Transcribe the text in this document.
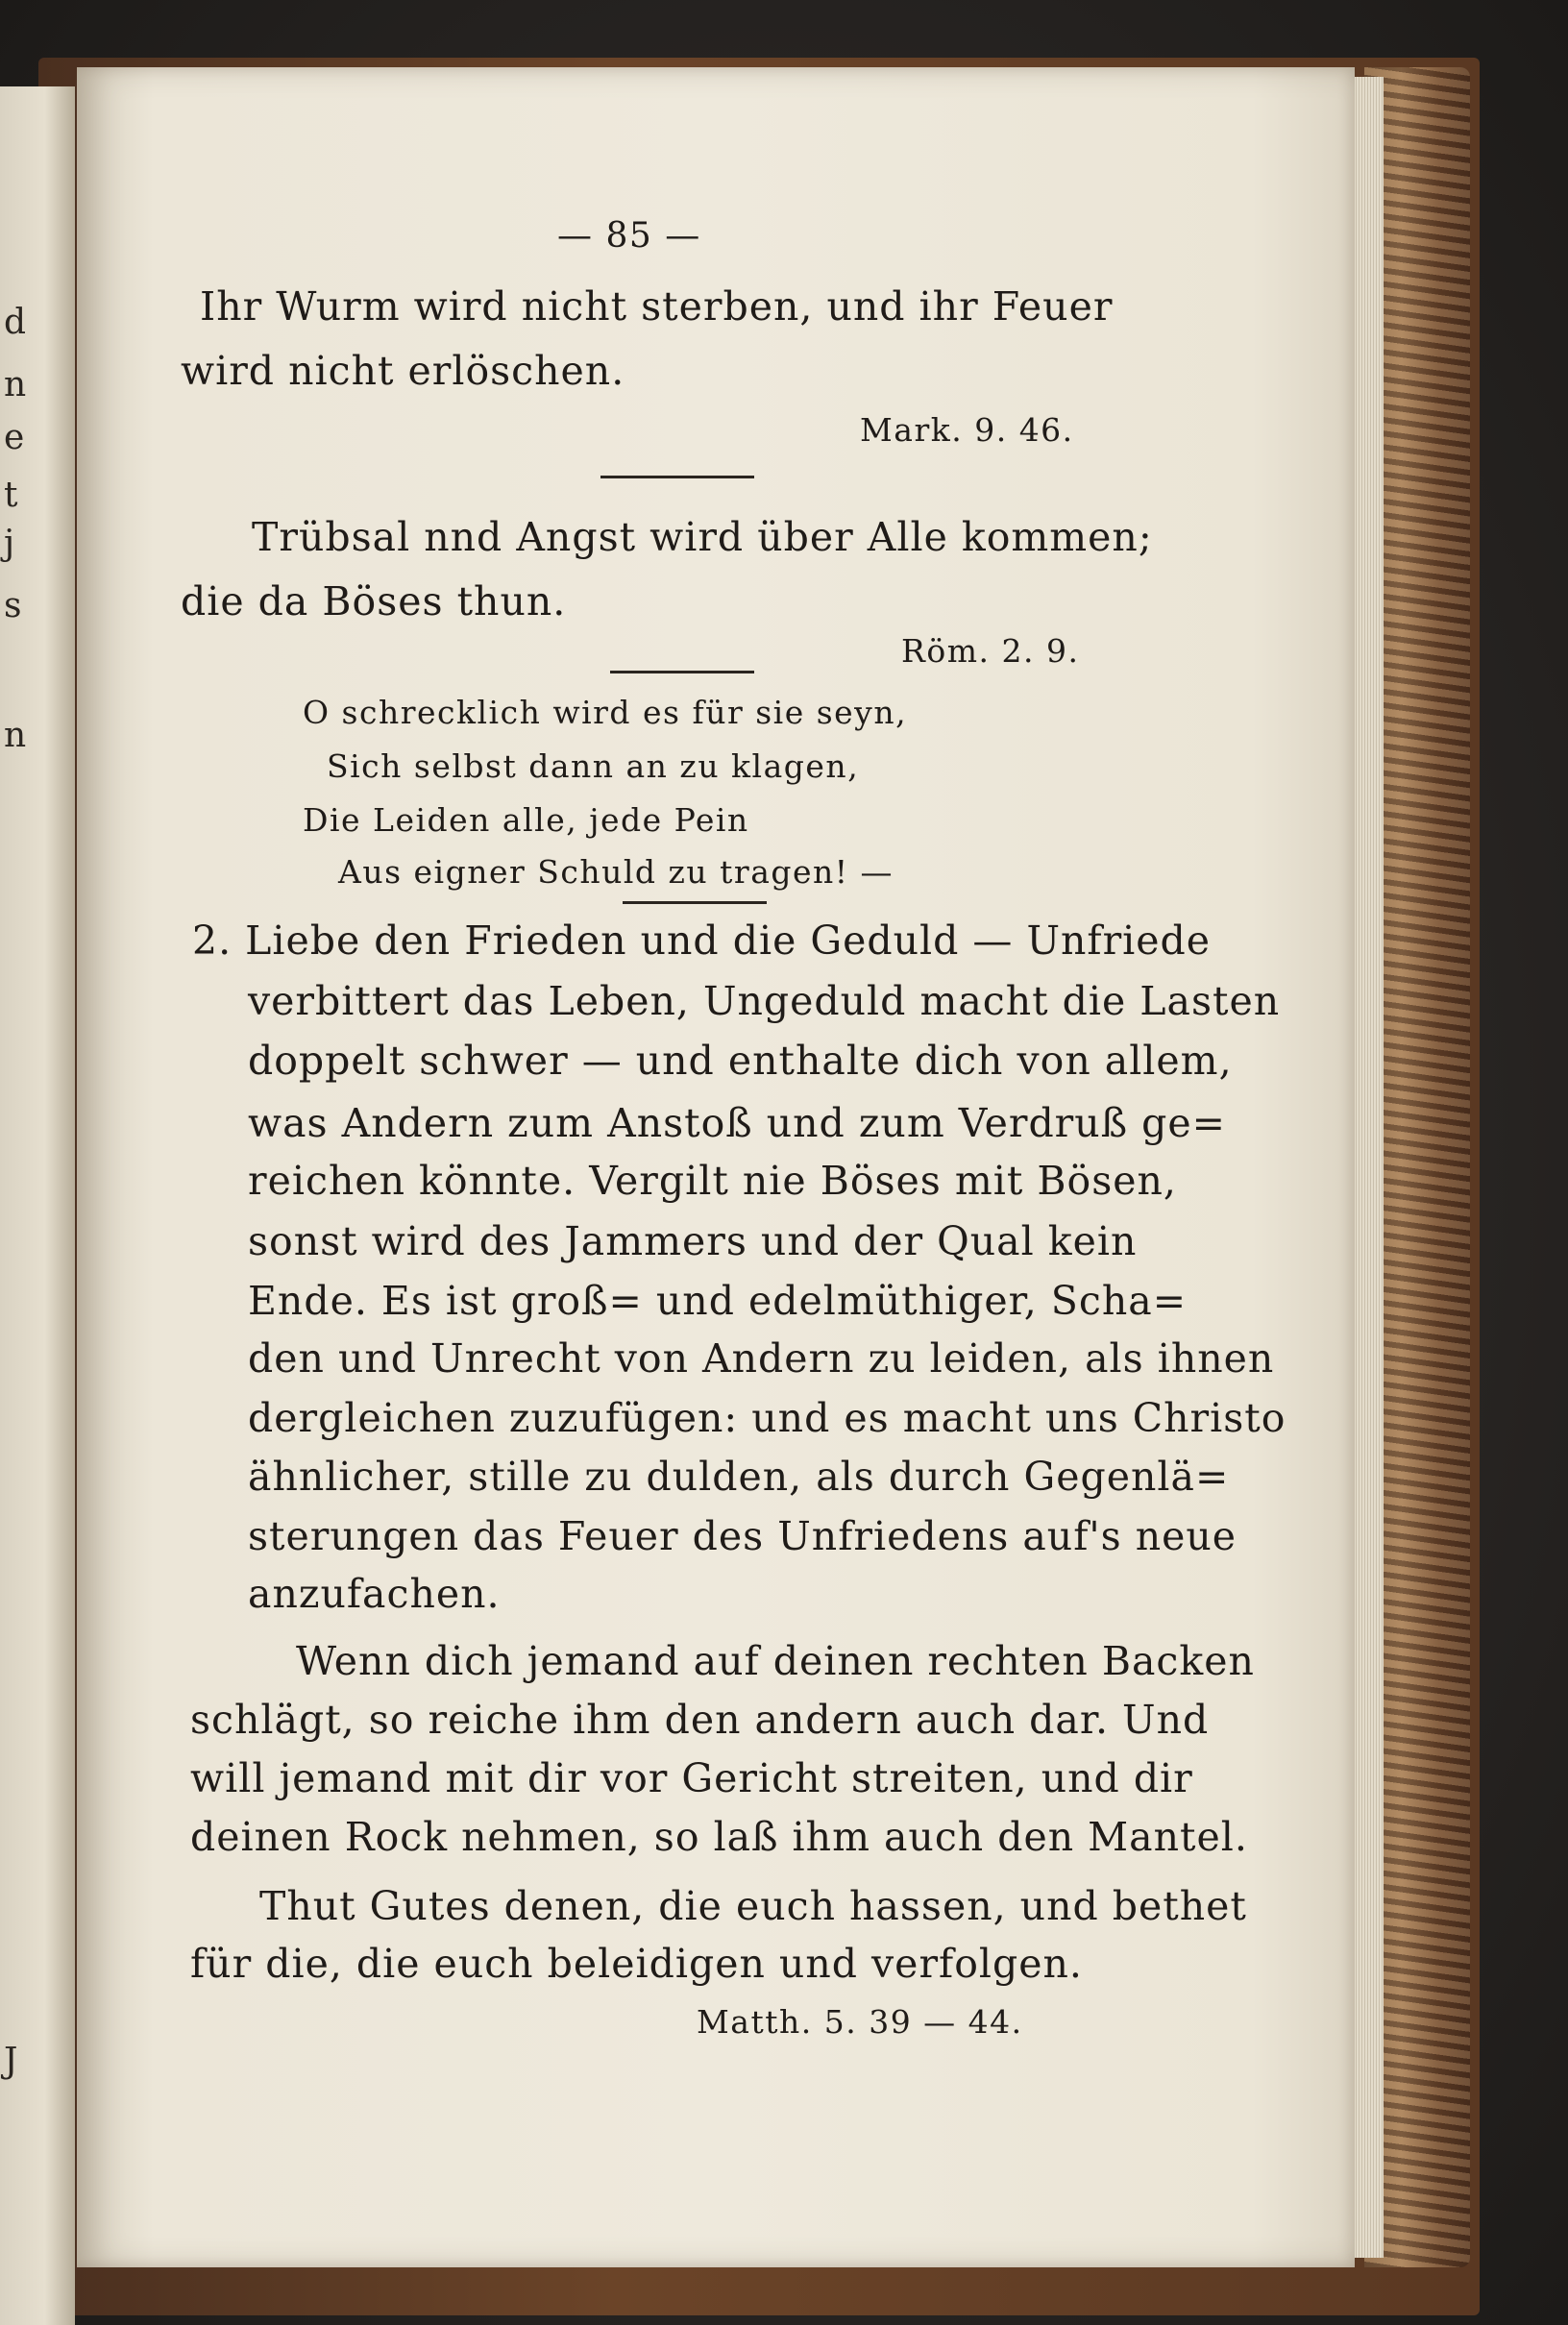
d
n
e
t
j
s
n
J
— 85 —
Ihr Wurm wird nicht sterben, und ihr Feuer
wird nicht erlöschen.
Mark. 9. 46.
Trübsal nnd Angst wird über Alle kommen;
die da Böses thun.
Röm. 2. 9.
O schrecklich wird es für sie seyn,
Sich selbst dann an zu klagen,
Die Leiden alle, jede Pein
Aus eigner Schuld zu tragen! —
2. Liebe den Frieden und die Geduld — Unfriede
verbittert das Leben, Ungeduld macht die Lasten
doppelt schwer — und enthalte dich von allem,
was Andern zum Anstoß und zum Verdruß ge=
reichen könnte. Vergilt nie Böses mit Bösen,
sonst wird des Jammers und der Qual kein
Ende. Es ist groß= und edelmüthiger, Scha=
den und Unrecht von Andern zu leiden, als ihnen
dergleichen zuzufügen: und es macht uns Christo
ähnlicher, stille zu dulden, als durch Gegenlä=
sterungen das Feuer des Unfriedens auf's neue
anzufachen.
Wenn dich jemand auf deinen rechten Backen
schlägt, so reiche ihm den andern auch dar. Und
will jemand mit dir vor Gericht streiten, und dir
deinen Rock nehmen, so laß ihm auch den Mantel.
Thut Gutes denen, die euch hassen, und bethet
für die, die euch beleidigen und verfolgen.
Matth. 5. 39 — 44.
